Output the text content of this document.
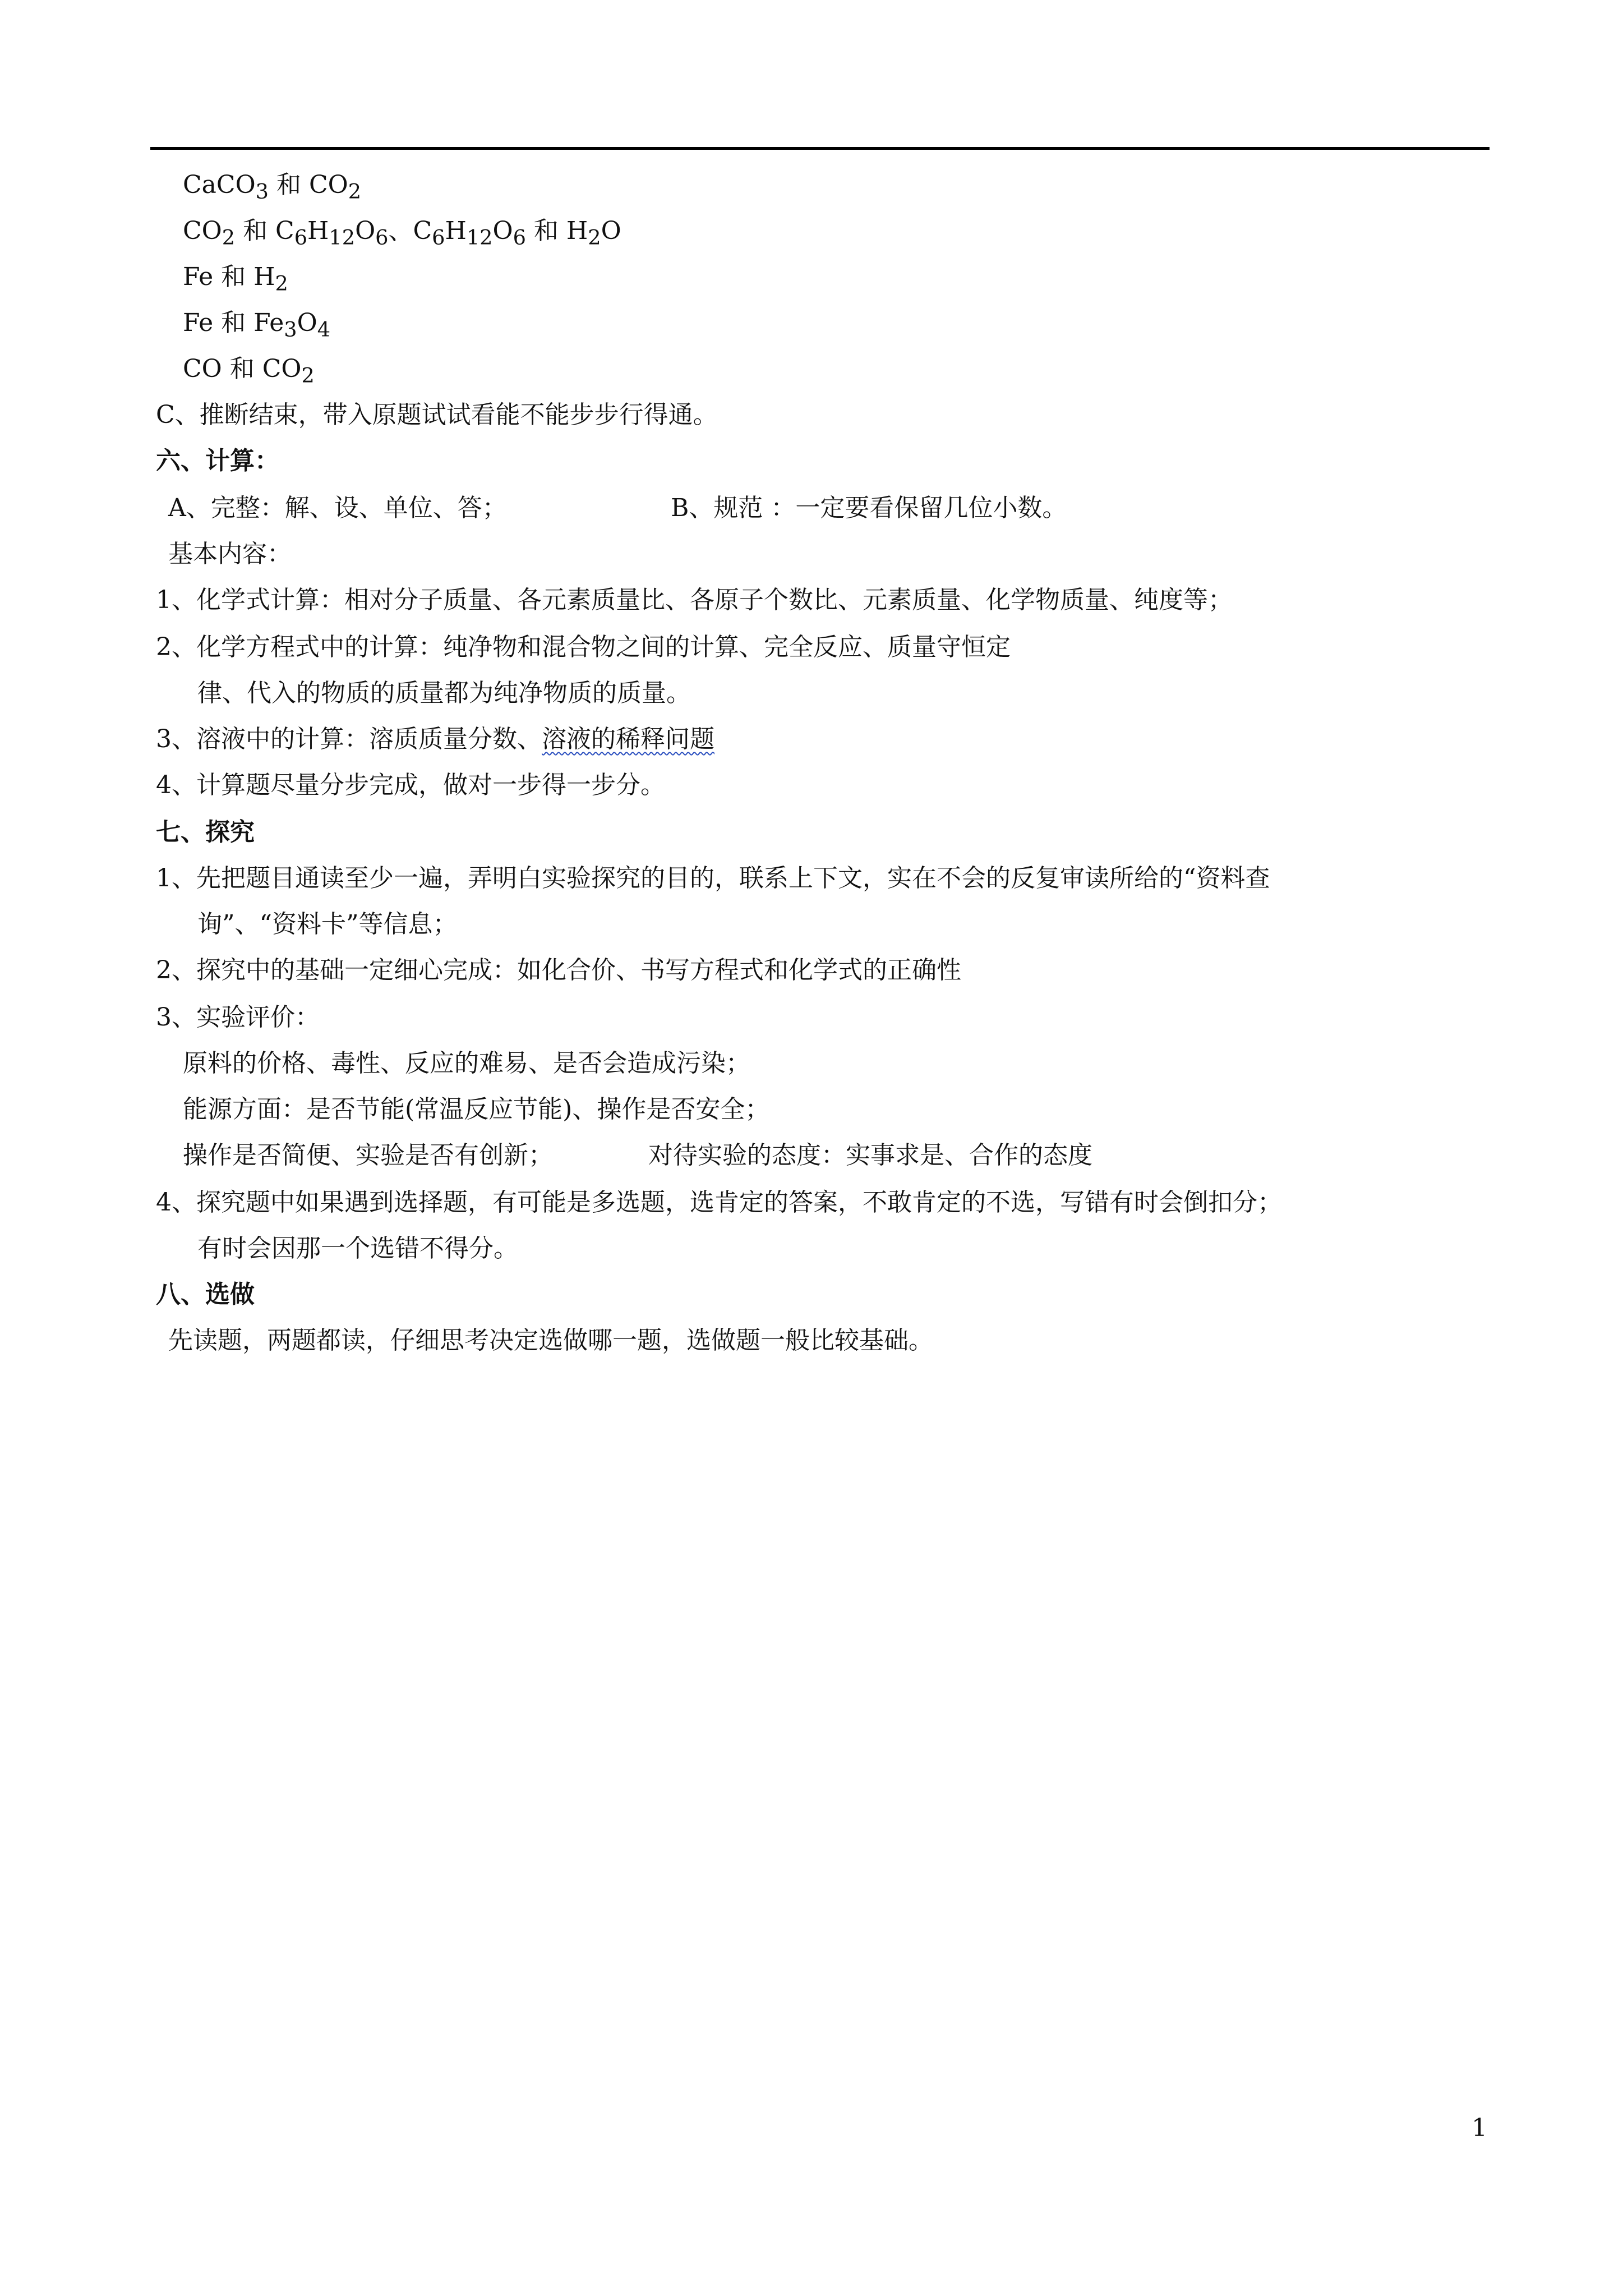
CaCO$_3$ 和 $CO_2$
$CO_2$ 和 $C_6H_{12}O_6$、$C_6H_{12}O_6$ 和 $H_2O$
Fe 和 $H_2$
Fe 和 $Fe_3O_4$
CO 和 $CO_2$
C、推断结束，带入原题试试看能不能步步行得通。
六、计算：
A、完整：解、设、单位、答；	B、规范 ：一定要看保留几位小数。
基本内容：
1、化学式计算：相对分子质量、各元素质量比、各原子个数比、元素质量、化学物质量、纯度等；
2、化学方程式中的计算：纯净物和混合物之间的计算、完全反应、质量守恒定
律、代入的物质的质量都为纯净物质的质量。
3、溶液中的计算：溶质质量分数、溶液的稀释问题
4、计算题尽量分步完成，做对一步得一步分。
七、探究
1、先把题目通读至少一遍，弄明白实验探究的目的，联系上下文，实在不会的反复审读所给的“资料查
询”、“资料卡”等信息；
2、探究中的基础一定细心完成：如化合价、书写方程式和化学式的正确性
3、实验评价：
原料的价格、毒性、反应的难易、是否会造成污染；
能源方面：是否节能(常温反应节能)、操作是否安全；
操作是否简便、实验是否有创新；	对待实验的态度：实事求是、合作的态度
4、探究题中如果遇到选择题，有可能是多选题，选肯定的答案，不敢肯定的不选，写错有时会倒扣分；
有时会因那一个选错不得分。
八、选做
先读题，两题都读，仔细思考决定选做哪一题，选做题一般比较基础。
1
